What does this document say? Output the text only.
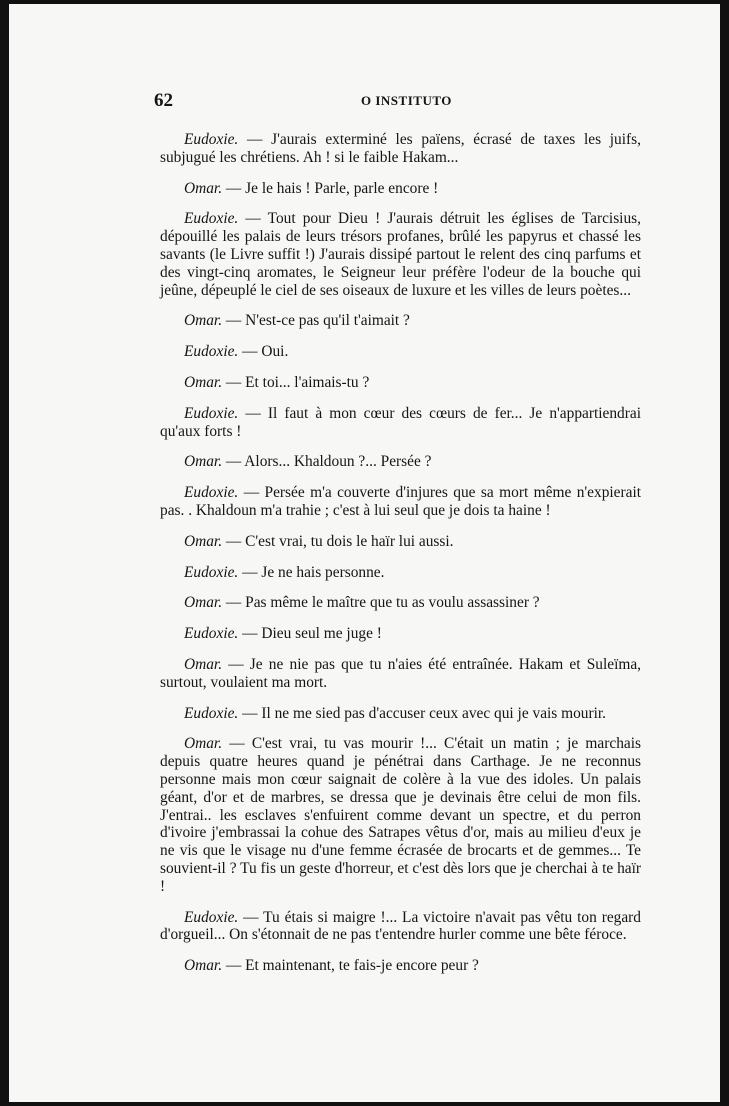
62	O INSTITUTO

Eudoxie. — J'aurais exterminé les païens, écrasé de taxes les juifs, subjugué les chrétiens. Ah ! si le faible Hakam...

Omar. — Je le hais ! Parle, parle encore !

Eudoxie. — Tout pour Dieu ! J'aurais détruit les églises de Tarcisius, dépouillé les palais de leurs trésors profanes, brûlé les papyrus et chassé les savants (le Livre suffit !) J'aurais dissipé partout le relent des cinq parfums et des vingt-cinq aromates, le Seigneur leur préfère l'odeur de la bouche qui jeûne, dépeuplé le ciel de ses oiseaux de luxure et les villes de leurs poètes...

Omar. — N'est-ce pas qu'il t'aimait ?

Eudoxie. — Oui.

Omar. — Et toi... l'aimais-tu ?

Eudoxie. — Il faut à mon cœur des cœurs de fer... Je n'appartiendrai qu'aux forts !

Omar. — Alors... Khaldoun ?... Persée ?

Eudoxie. — Persée m'a couverte d'injures que sa mort même n'expierait pas. . Khaldoun m'a trahie ; c'est à lui seul que je dois ta haine !

Omar. — C'est vrai, tu dois le haïr lui aussi.

Eudoxie. — Je ne hais personne.

Omar. — Pas même le maître que tu as voulu assassiner ?

Eudoxie. — Dieu seul me juge !

Omar. — Je ne nie pas que tu n'aies été entraînée. Hakam et Suleïma, surtout, voulaient ma mort.

Eudoxie. — Il ne me sied pas d'accuser ceux avec qui je vais mourir.

Omar. — C'est vrai, tu vas mourir !... C'était un matin ; je marchais depuis quatre heures quand je pénétrai dans Carthage. Je ne reconnus personne mais mon cœur saignait de colère à la vue des idoles. Un palais géant, d'or et de marbres, se dressa que je devinais être celui de mon fils. J'entrai.. les esclaves s'enfuirent comme devant un spectre, et du perron d'ivoire j'embrassai la cohue des Satrapes vêtus d'or, mais au milieu d'eux je ne vis que le visage nu d'une femme écrasée de brocarts et de gemmes... Te souvient-il ? Tu fis un geste d'horreur, et c'est dès lors que je cherchai à te haïr !

Eudoxie. — Tu étais si maigre !... La victoire n'avait pas vêtu ton regard d'orgueil... On s'étonnait de ne pas t'entendre hurler comme une bête féroce.

Omar. — Et maintenant, te fais-je encore peur ?
